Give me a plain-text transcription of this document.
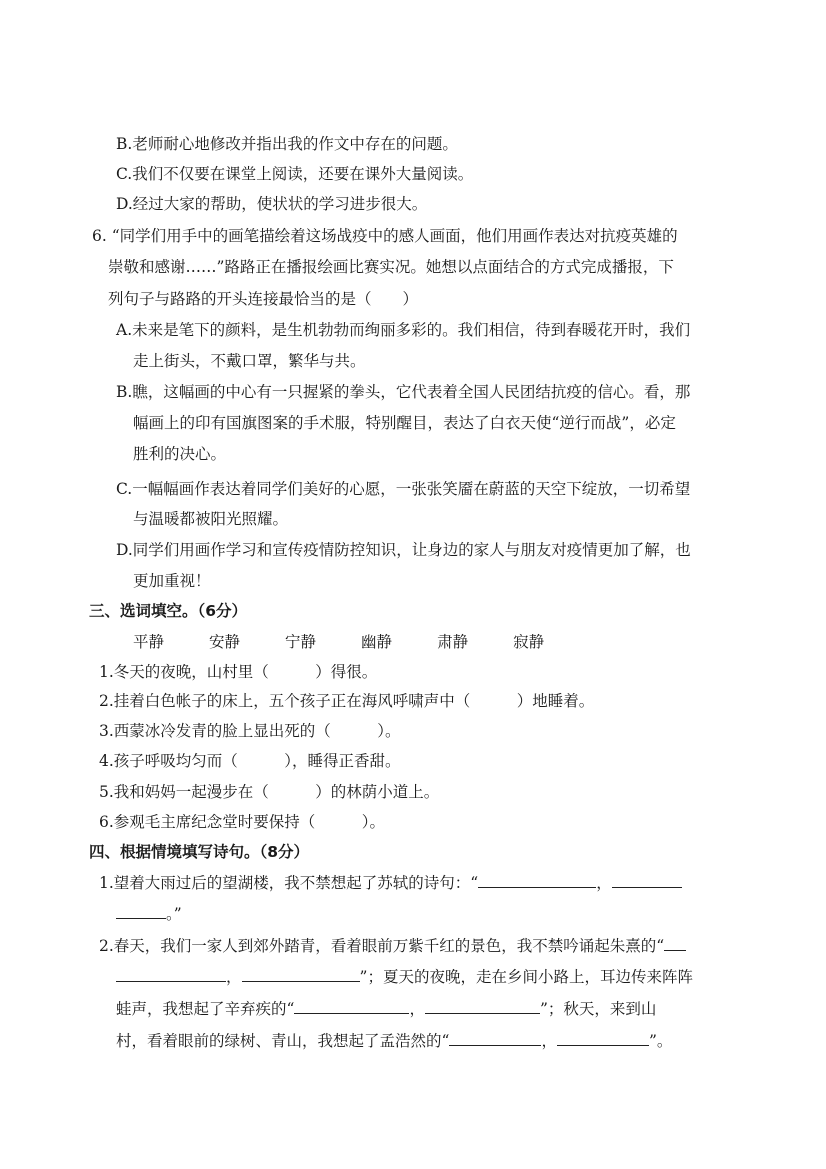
B.老师耐心地修改并指出我的作文中存在的问题。
C.我们不仅要在课堂上阅读，还要在课外大量阅读。
D.经过大家的帮助，使状状的学习进步很大。
6. “同学们用手中的画笔描绘着这场战疫中的感人画面，他们用画作表达对抗疫英雄的
崇敬和感谢……”路路正在播报绘画比赛实况。她想以点面结合的方式完成播报，下
列句子与路路的开头连接最恰当的是（　　）
A.未来是笔下的颜料，是生机勃勃而绚丽多彩的。我们相信，待到春暖花开时，我们
走上街头，不戴口罩，繁华与共。
B.瞧，这幅画的中心有一只握紧的拳头，它代表着全国人民团结抗疫的信心。看，那
幅画上的印有国旗图案的手术服，特别醒目，表达了白衣天使“逆行而战”，必定
胜利的决心。
C.一幅幅画作表达着同学们美好的心愿，一张张笑靥在蔚蓝的天空下绽放，一切希望
与温暖都被阳光照耀。
D.同学们用画作学习和宣传疫情防控知识，让身边的家人与朋友对疫情更加了解，也
更加重视！
三、选词填空。（6分）
平静	安静	宁静	幽静	肃静	寂静
1.冬天的夜晚，山村里（　　　）得很。
2.挂着白色帐子的床上，五个孩子正在海风呼啸声中（　　　）地睡着。
3.西蒙冰冷发青的脸上显出死的（　　　）。
4.孩子呼吸均匀而（　　　），睡得正香甜。
5.我和妈妈一起漫步在（　　　）的林荫小道上。
6.参观毛主席纪念堂时要保持（　　　）。
四、根据情境填写诗句。（8分）
1.望着大雨过后的望湖楼，我不禁想起了苏轼的诗句：“	，
。”
2.春天，我们一家人到郊外踏青，看着眼前万紫千红的景色，我不禁吟诵起朱熹的“
，	”；夏天的夜晚，走在乡间小路上，耳边传来阵阵
蛙声，我想起了辛弃疾的“	，	”；秋天，来到山
村，看着眼前的绿树、青山，我想起了孟浩然的“	，	”。
